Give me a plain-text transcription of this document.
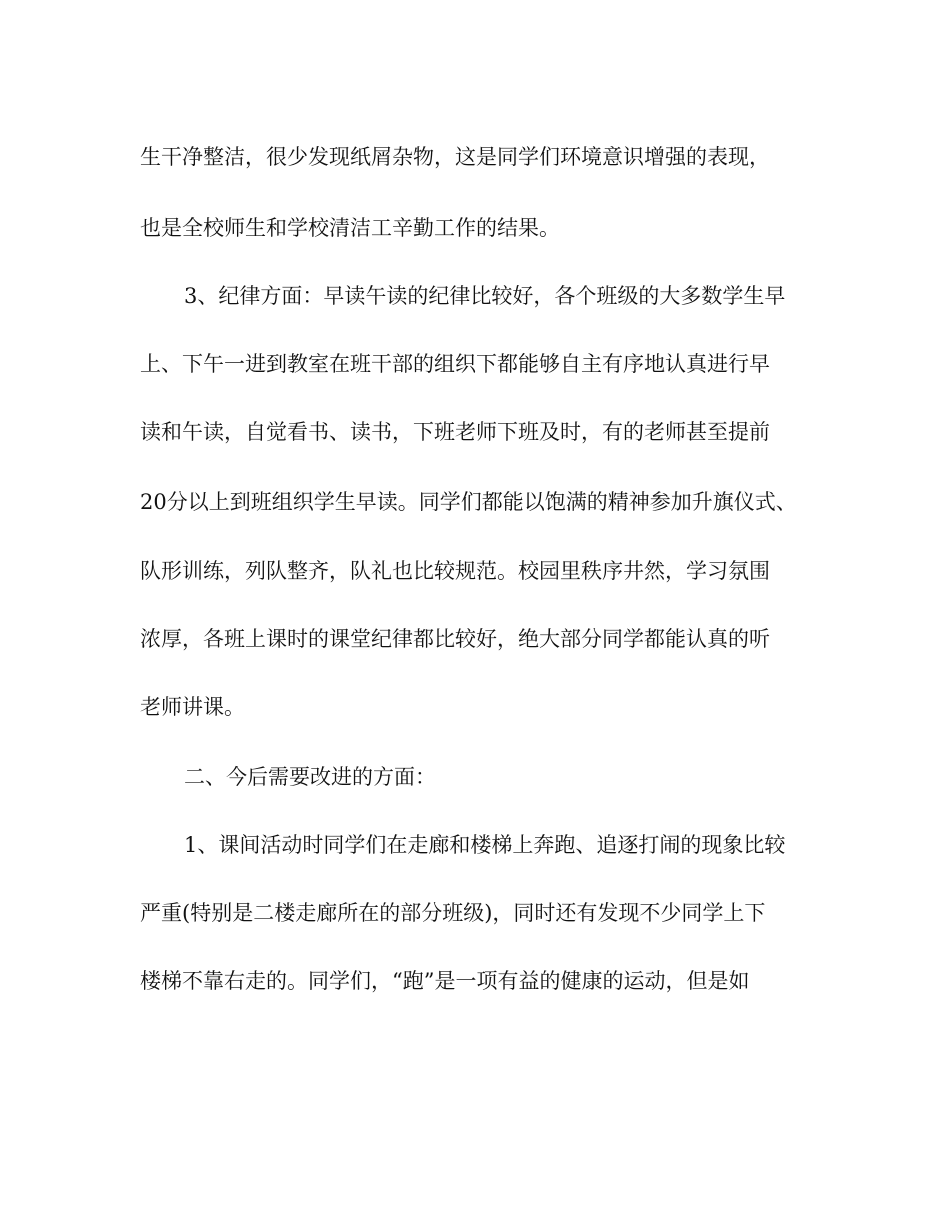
生干净整洁，很少发现纸屑杂物，这是同学们环境意识增强的表现，
也是全校师生和学校清洁工辛勤工作的结果。
3、纪律方面：早读午读的纪律比较好，各个班级的大多数学生早
上、下午一进到教室在班干部的组织下都能够自主有序地认真进行早
读和午读，自觉看书、读书，下班老师下班及时，有的老师甚至提前
20分以上到班组织学生早读。同学们都能以饱满的精神参加升旗仪式、
队形训练，列队整齐，队礼也比较规范。校园里秩序井然，学习氛围
浓厚，各班上课时的课堂纪律都比较好，绝大部分同学都能认真的听
老师讲课。
二、今后需要改进的方面：
1、课间活动时同学们在走廊和楼梯上奔跑、追逐打闹的现象比较
严重(特别是二楼走廊所在的部分班级)，同时还有发现不少同学上下
楼梯不靠右走的。同学们，“跑”是一项有益的健康的运动，但是如
